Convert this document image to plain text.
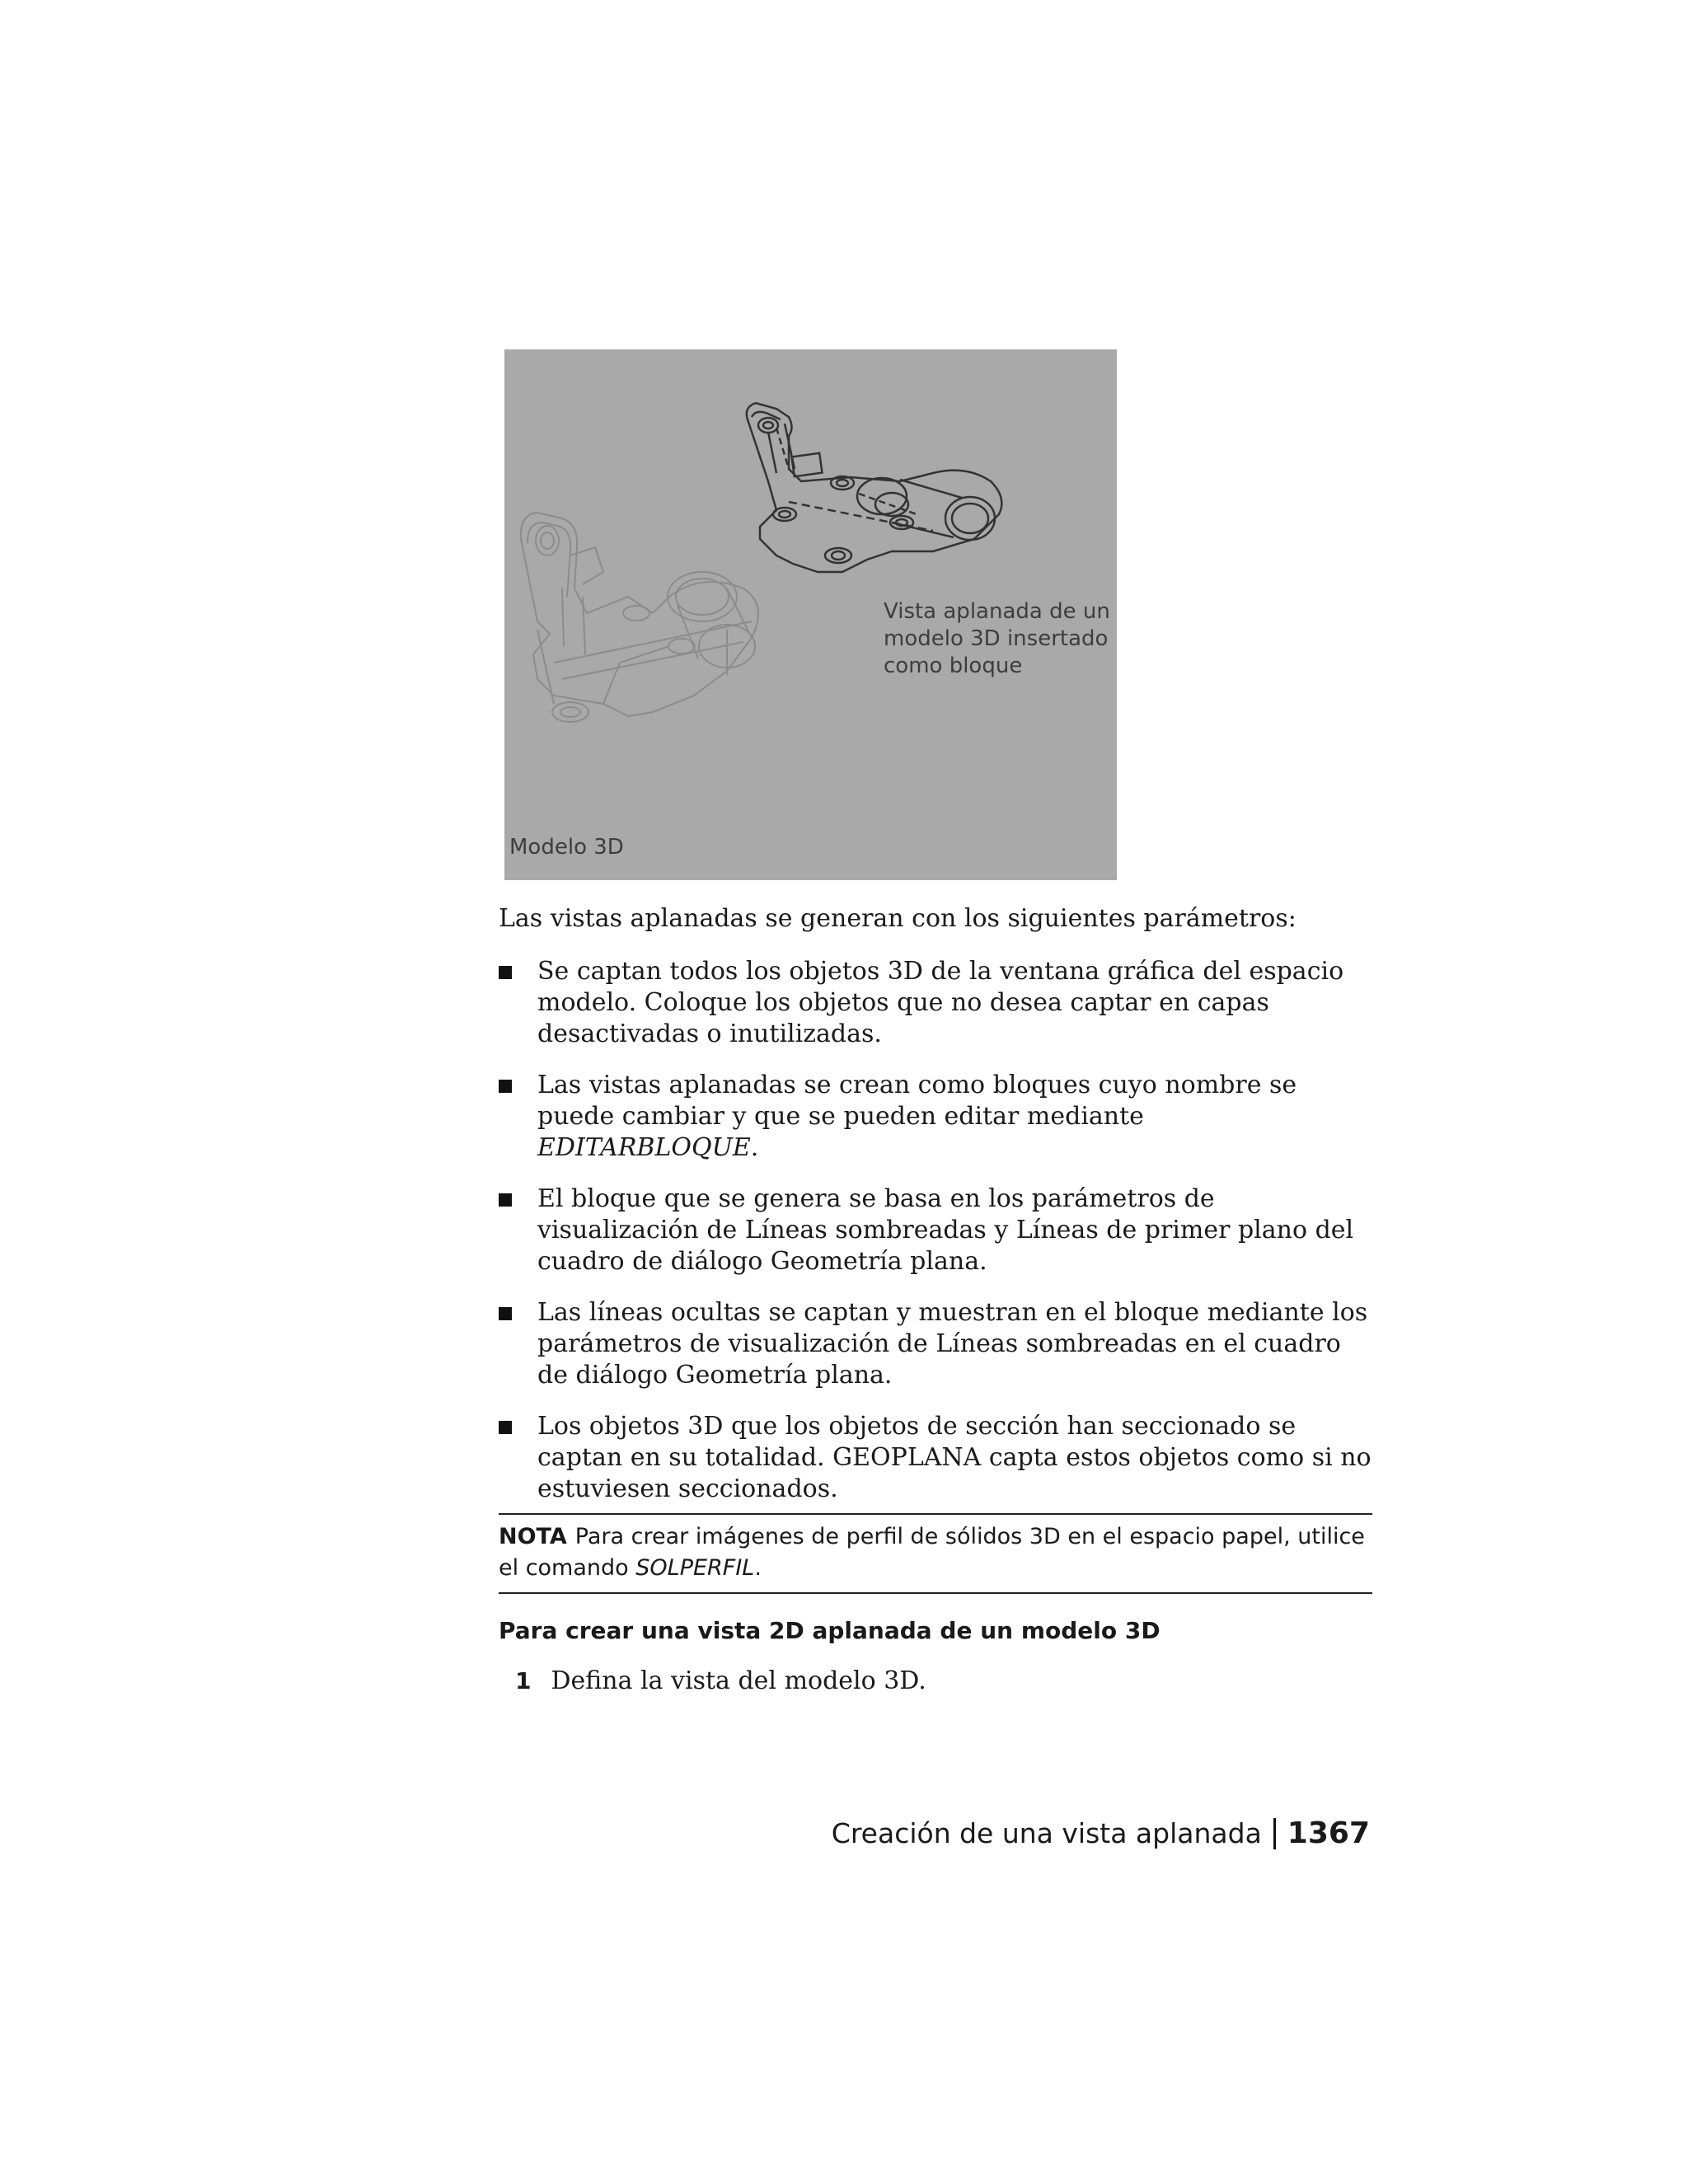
Vista aplanada de un
modelo 3D insertado
como bloque
Modelo 3D

Las vistas aplanadas se generan con los siguientes parámetros:

Se captan todos los objetos 3D de la ventana gráfica del espacio modelo. Coloque los objetos que no desea captar en capas desactivadas o inutilizadas.
Las vistas aplanadas se crean como bloques cuyo nombre se puede cambiar y que se pueden editar mediante EDITARBLOQUE.
El bloque que se genera se basa en los parámetros de visualización de Líneas sombreadas y Líneas de primer plano del cuadro de diálogo Geometría plana.
Las líneas ocultas se captan y muestran en el bloque mediante los parámetros de visualización de Líneas sombreadas en el cuadro de diálogo Geometría plana.
Los objetos 3D que los objetos de sección han seccionado se captan en su totalidad. GEOPLANA capta estos objetos como si no estuviesen seccionados.
NOTA Para crear imágenes de perfil de sólidos 3D en el espacio papel, utilice el comando SOLPERFIL.
Para crear una vista 2D aplanada de un modelo 3D
1 Defina la vista del modelo 3D.
Creación de una vista aplanada 1367
